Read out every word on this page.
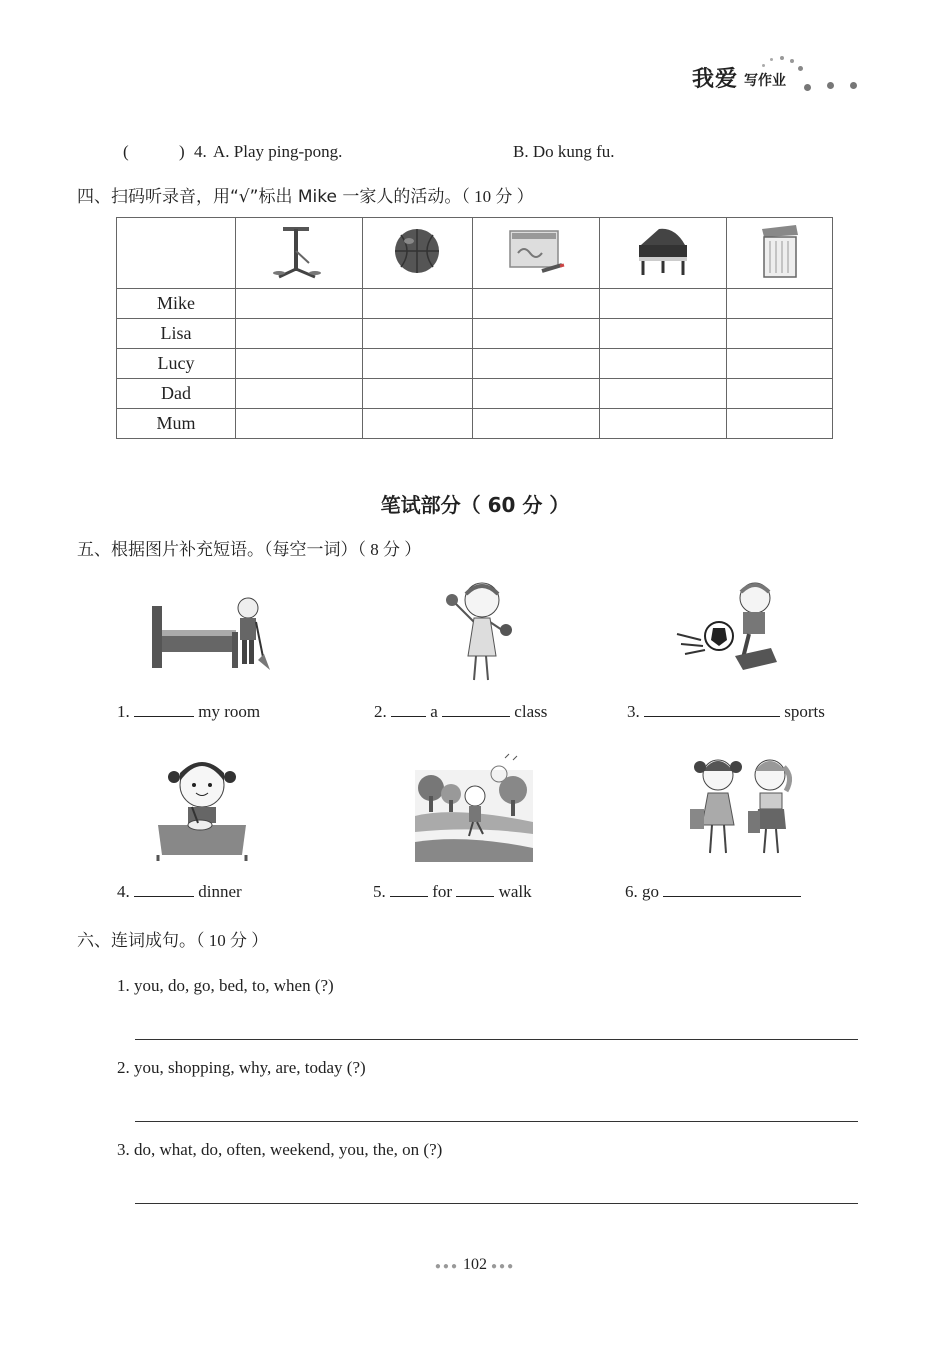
我爱 写作业
(	) 4. A. Play ping-pong.	B. Do kung fu.
四、扫码听录音，用“√”标出 Mike 一家人的活动。（ 10 分 ）

Mike					
Lisa					
Lucy					
Dad					
Mum					
笔试部分（ 60 分 ）
五、根据图片补充短语。（每空一词）（ 8 分 ）
1.	my room	2.	a	class	3.	sports
4.	dinner	5.	for	walk	6. go
六、连词成句。（ 10 分 ）
1. you, do, go, bed, to, when (?)
2. you, shopping, why, are, today (?)
3. do, what, do, often, weekend, you, the, on (?)
●●● 102 ●●●
